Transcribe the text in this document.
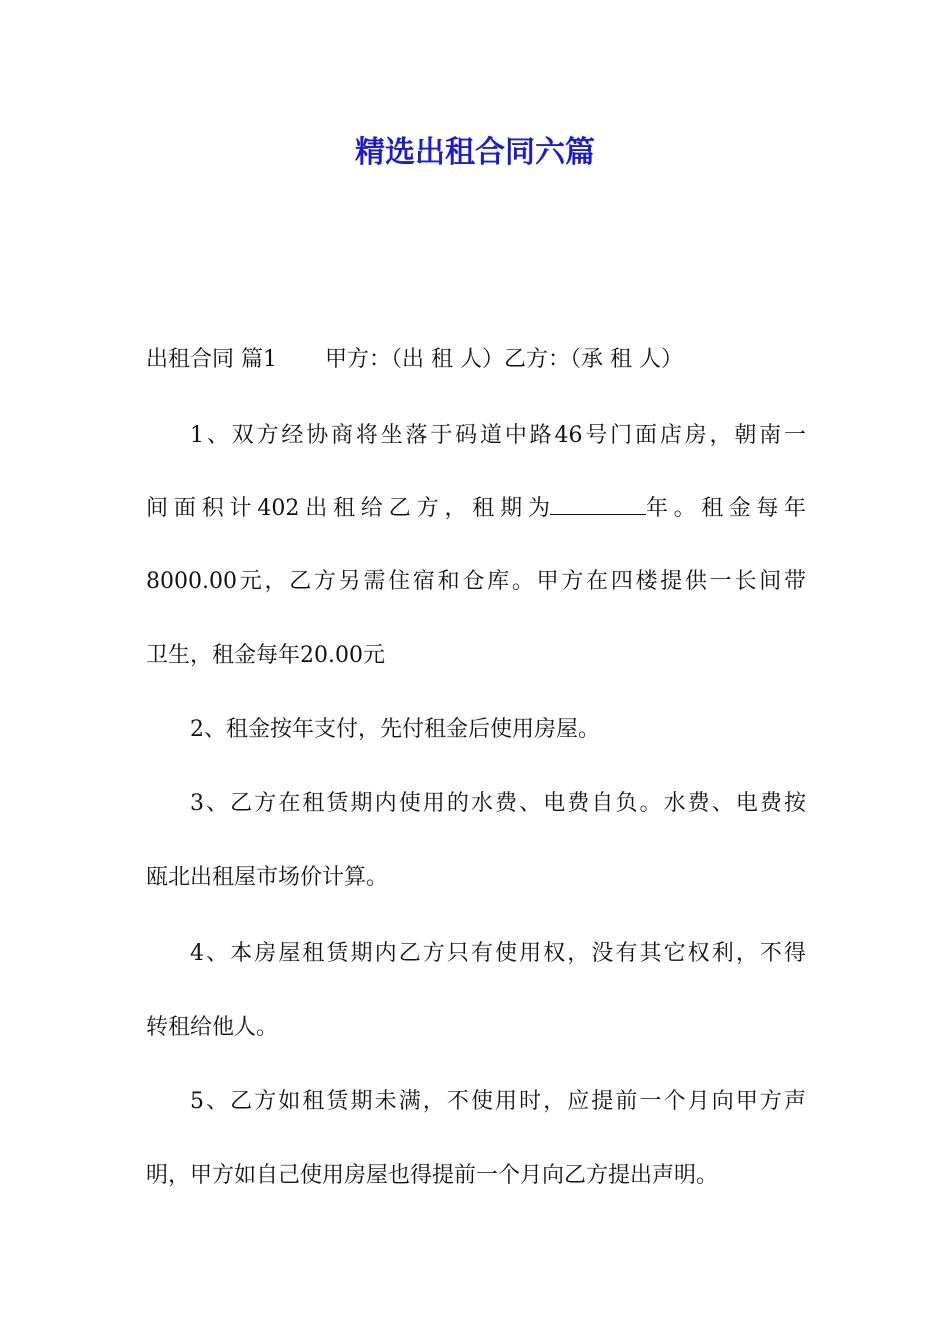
精选出租合同六篇

出租合同 篇1 甲方：（出 租 人）乙方：（承 租 人）

1、双方经协商将坐落于码道中路46号门面店房，朝南一

间面积计402出租给乙方，租期为	年。租金每年

8000.00元，乙方另需住宿和仓库。甲方在四楼提供一长间带

卫生，租金每年20.00元

2、租金按年支付，先付租金后使用房屋。

3、乙方在租赁期内使用的水费、电费自负。水费、电费按

瓯北出租屋市场价计算。

4、本房屋租赁期内乙方只有使用权，没有其它权利，不得

转租给他人。

5、乙方如租赁期未满，不使用时，应提前一个月向甲方声

明，甲方如自己使用房屋也得提前一个月向乙方提出声明。
